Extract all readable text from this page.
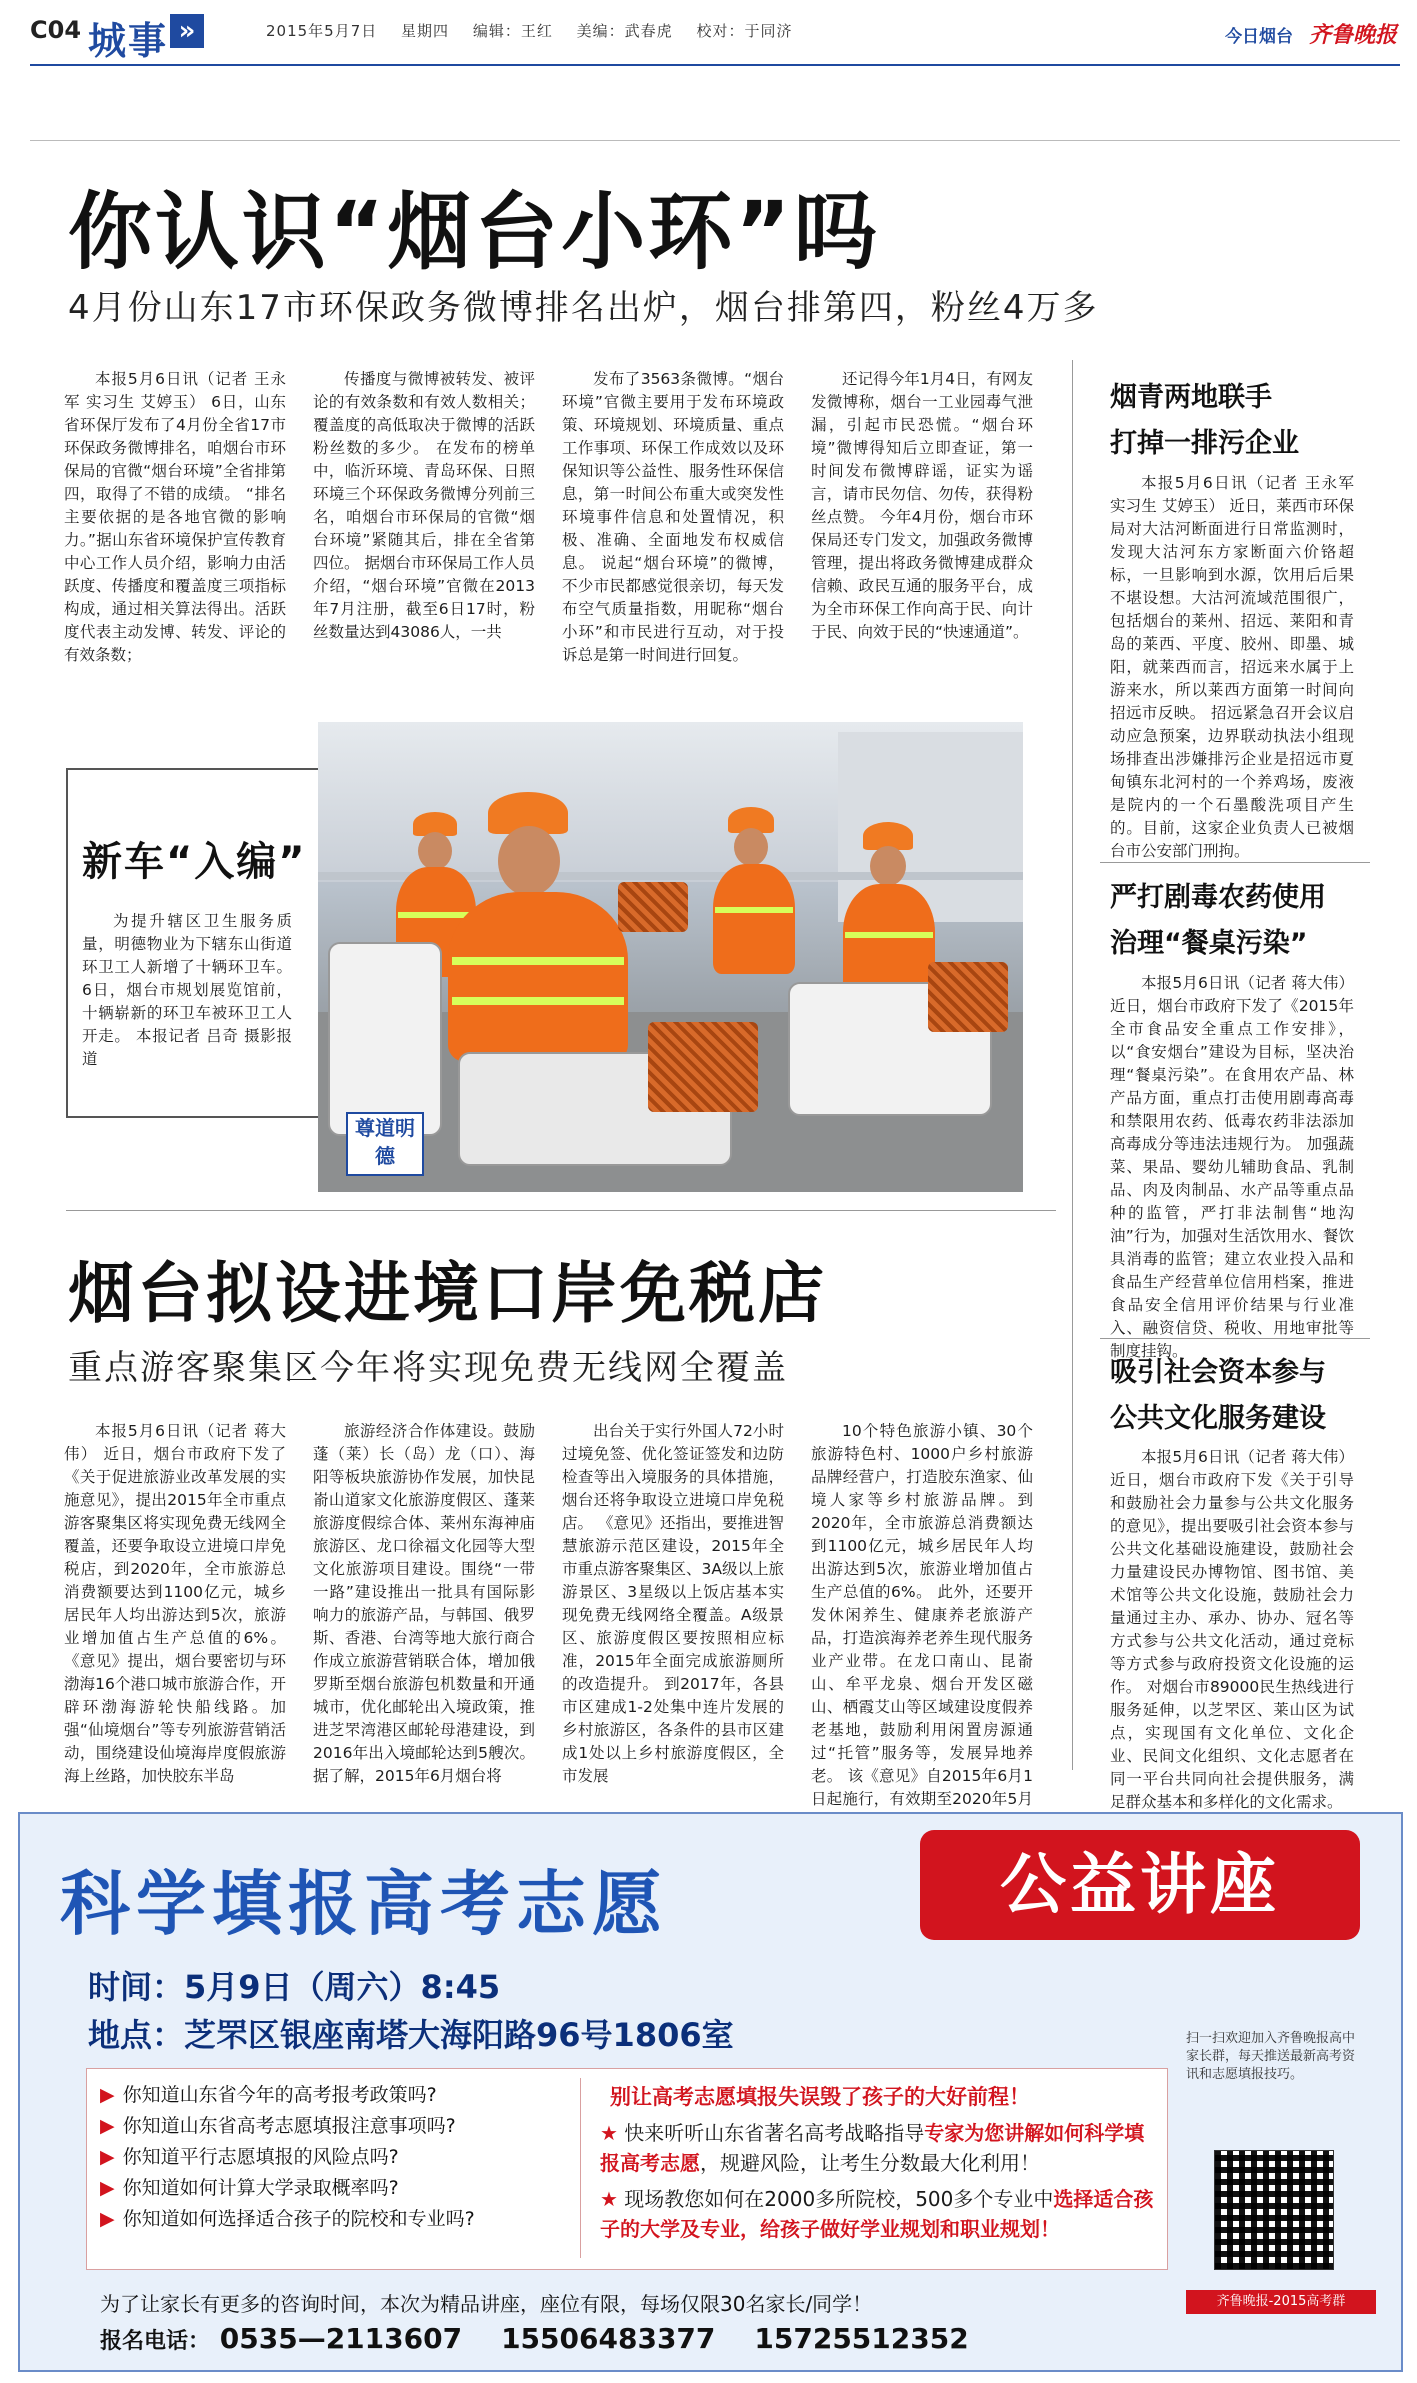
C04 城事 »	2015年5月7日 星期四 编辑：王红 美编：武春虎 校对：于同济	今日烟台 齐鲁晚报
你认识“烟台小环”吗
4月份山东17市环保政务微博排名出炉，烟台排第四，粉丝4万多

本报5月6日讯（记者 王永军 实习生 艾婷玉） 6日，山东省环保厅发布了4月份全省17市环保政务微博排名，咱烟台市环保局的官微“烟台环境”全省排第四，取得了不错的成绩。 “排名主要依据的是各地官微的影响力。”据山东省环境保护宣传教育中心工作人员介绍，影响力由活跃度、传播度和覆盖度三项指标构成，通过相关算法得出。活跃度代表主动发博、转发、评论的有效条数；

传播度与微博被转发、被评论的有效条数和有效人数相关；覆盖度的高低取决于微博的活跃粉丝数的多少。 在发布的榜单中，临沂环境、青岛环保、日照环境三个环保政务微博分列前三名，咱烟台市环保局的官微“烟台环境”紧随其后，排在全省第四位。 据烟台市环保局工作人员介绍，“烟台环境”官微在2013年7月注册，截至6日17时，粉丝数量达到43086人，一共

发布了3563条微博。“烟台环境”官微主要用于发布环境政策、环境规划、环境质量、重点工作事项、环保工作成效以及环保知识等公益性、服务性环保信息，第一时间公布重大或突发性环境事件信息和处置情况，积极、准确、全面地发布权威信息。 说起“烟台环境”的微博，不少市民都感觉很亲切，每天发布空气质量指数，用昵称“烟台小环”和市民进行互动，对于投诉总是第一时间进行回复。

还记得今年1月4日，有网友发微博称，烟台一工业园毒气泄漏，引起市民恐慌。“烟台环境”微博得知后立即查证，第一时间发布微博辟谣，证实为谣言，请市民勿信、勿传，获得粉丝点赞。 今年4月份，烟台市环保局还专门发文，加强政务微博管理，提出将政务微博建成群众信赖、政民互通的服务平台，成为全市环保工作向高于民、向计于民、向效于民的“快速通道”。

新车“入编”

为提升辖区卫生服务质量，明德物业为下辖东山街道环卫工人新增了十辆环卫车。6日，烟台市规划展览馆前，十辆崭新的环卫车被环卫工人开走。 本报记者 吕奇 摄影报道

尊道明德
烟台拟设进境口岸免税店
重点游客聚集区今年将实现免费无线网全覆盖

本报5月6日讯（记者 蒋大伟） 近日，烟台市政府下发了《关于促进旅游业改革发展的实施意见》，提出2015年全市重点游客聚集区将实现免费无线网全覆盖，还要争取设立进境口岸免税店，到2020年，全市旅游总消费额要达到1100亿元，城乡居民年人均出游达到5次，旅游业增加值占生产总值的6%。 《意见》提出，烟台要密切与环渤海16个港口城市旅游合作，开辟环渤海游轮快船线路。加强“仙境烟台”等专列旅游营销活动，围绕建设仙境海岸度假旅游海上丝路，加快胶东半岛

旅游经济合作体建设。鼓励蓬（莱）长（岛）龙（口）、海阳等板块旅游协作发展，加快昆嵛山道家文化旅游度假区、蓬莱旅游度假综合体、莱州东海神庙旅游区、龙口徐福文化园等大型文化旅游项目建设。围绕“一带一路”建设推出一批具有国际影响力的旅游产品，与韩国、俄罗斯、香港、台湾等地大旅行商合作成立旅游营销联合体，增加俄罗斯至烟台旅游包机数量和开通城市，优化邮轮出入境政策，推进芝罘湾港区邮轮母港建设，到2016年出入境邮轮达到5艘次。 据了解，2015年6月烟台将

出台关于实行外国人72小时过境免签、优化签证签发和边防检查等出入境服务的具体措施，烟台还将争取设立进境口岸免税店。 《意见》还指出，要推进智慧旅游示范区建设，2015年全市重点游客聚集区、3A级以上旅游景区、3星级以上饭店基本实现免费无线网络全覆盖。A级景区、旅游度假区要按照相应标准，2015年全面完成旅游厕所的改造提升。 到2017年，各县市区建成1-2处集中连片发展的乡村旅游区，各条件的县市区建成1处以上乡村旅游度假区，全市发展

10个特色旅游小镇、30个旅游特色村、1000户乡村旅游品牌经营户，打造胶东渔家、仙境人家等乡村旅游品牌。到2020年，全市旅游总消费额达到1100亿元，城乡居民年人均出游达到5次，旅游业增加值占生产总值的6%。 此外，还要开发休闲养生、健康养老旅游产品，打造滨海养老养生现代服务业产业带。在龙口南山、昆嵛山、牟平龙泉、烟台开发区磁山、栖霞艾山等区域建设度假养老基地，鼓励利用闲置房源通过“托管”服务等，发展异地养老。 该《意见》自2015年6月1日起施行，有效期至2020年5月

烟青两地联手
打掉一排污企业

本报5月6日讯（记者 王永军 实习生 艾婷玉） 近日，莱西市环保局对大沽河断面进行日常监测时，发现大沽河东方家断面六价铬超标，一旦影响到水源，饮用后后果不堪设想。大沽河流域范围很广，包括烟台的莱州、招远、莱阳和青岛的莱西、平度、胶州、即墨、城阳，就莱西而言，招远来水属于上游来水，所以莱西方面第一时间向招远市反映。 招远紧急召开会议启动应急预案，边界联动执法小组现场排查出涉嫌排污企业是招远市夏甸镇东北河村的一个养鸡场，废液是院内的一个石墨酸洗项目产生的。目前，这家企业负责人已被烟台市公安部门刑拘。

严打剧毒农药使用
治理“餐桌污染”

本报5月6日讯（记者 蒋大伟） 近日，烟台市政府下发了《2015年全市食品安全重点工作安排》，以“食安烟台”建设为目标，坚决治理“餐桌污染”。在食用农产品、林产品方面，重点打击使用剧毒高毒和禁限用农药、低毒农药非法添加高毒成分等违法违规行为。 加强蔬菜、果品、婴幼儿辅助食品、乳制品、肉及肉制品、水产品等重点品种的监管，严打非法制售“地沟油”行为，加强对生活饮用水、餐饮具消毒的监管；建立农业投入品和食品生产经营单位信用档案，推进食品安全信用评价结果与行业准入、融资信贷、税收、用地审批等制度挂钩。

吸引社会资本参与
公共文化服务建设

本报5月6日讯（记者 蒋大伟） 近日，烟台市政府下发《关于引导和鼓励社会力量参与公共文化服务的意见》，提出要吸引社会资本参与公共文化基础设施建设，鼓励社会力量建设民办博物馆、图书馆、美术馆等公共文化设施，鼓励社会力量通过主办、承办、协办、冠名等方式参与公共文化活动，通过竞标等方式参与政府投资文化设施的运作。 对烟台市89000民生热线进行服务延伸，以芝罘区、莱山区为试点，实现国有文化单位、文化企业、民间文化组织、文化志愿者在同一平台共同向社会提供服务，满足群众基本和多样化的文化需求。

科学填报高考志愿	公益讲座
时间：5月9日（周六）8:45
地点：芝罘区银座南塔大海阳路96号1806室
▶ 你知道山东省今年的高考报考政策吗?
▶ 你知道山东省高考志愿填报注意事项吗?
▶ 你知道平行志愿填报的风险点吗?
▶ 你知道如何计算大学录取概率吗?
▶ 你知道如何选择适合孩子的院校和专业吗?
别让高考志愿填报失误毁了孩子的大好前程！
★ 快来听听山东省著名高考战略指导专家为您讲解如何科学填报高考志愿，规避风险，让考生分数最大化利用！
★ 现场教您如何在2000多所院校，500多个专业中选择适合孩子的大学及专业，给孩子做好学业规划和职业规划！
扫一扫欢迎加入齐鲁晚报高中家长群，每天推送最新高考资讯和志愿填报技巧。
齐鲁晚报-2015高考群
为了让家长有更多的咨询时间，本次为精品讲座，座位有限，每场仅限30名家长/同学！
报名电话： 0535—2113607 15506483377 15725512352
